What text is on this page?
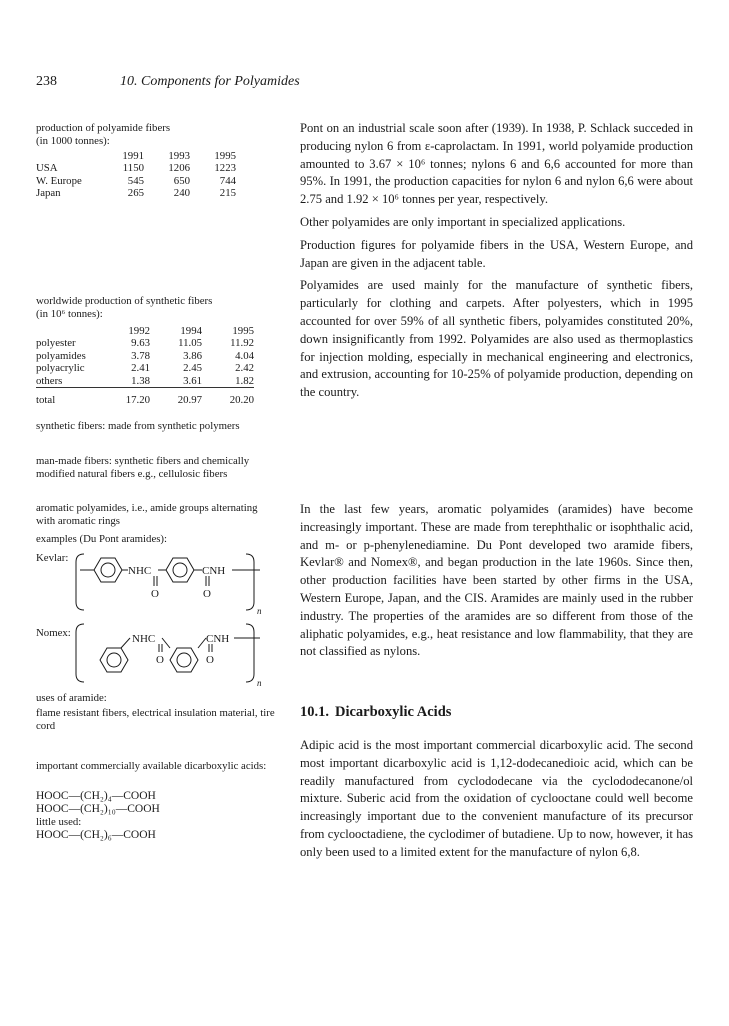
238	10. Components for Polyamides
production of polyamide fibers
(in 1000 tonnes):
	1991	1993	1995
USA	1150	1206	1223
W. Europe	545	650	744
Japan	265	240	215
worldwide production of synthetic fibers
(in 10⁶ tonnes):
	1992	1994	1995
polyester	9.63	11.05	11.92
polyamides	3.78	3.86	4.04
polyacrylic	2.41	2.45	2.42
others	1.38	3.61	1.82

total	17.20	20.97	20.20
synthetic fibers: made from synthetic polymers
man-made fibers: synthetic fibers and chemically modified natural fibers e.g., cellulosic fibers
aromatic polyamides, i.e., amide groups alternating with aromatic rings
examples (Du Pont aramides):
Kevlar:
NHC	CNH
O	O
n
Nomex:	NHC	CNH
O	O
n
uses of aramide:
flame resistant fibers, electrical insulation material, tire cord
important commercially available dicarboxylic acids:
HOOC—(CH₂)₄—COOH
HOOC—(CH₂)₁₀—COOH
little used:
HOOC—(CH₂)₆—COOH

Pont on an industrial scale soon after (1939). In 1938, P. Schlack succeded in producing nylon 6 from ε-caprolactam. In 1991, world polyamide production amounted to 3.67 × 10⁶ tonnes; nylons 6 and 6,6 accounted for more than 95%. In 1991, the production capacities for nylon 6 and nylon 6,6 were about 2.75 and 1.92 × 10⁶ tonnes per year, respectively.

Other polyamides are only important in specialized applications.

Production figures for polyamide fibers in the USA, Western Europe, and Japan are given in the adjacent table.

Polyamides are used mainly for the manufacture of synthetic fibers, particularly for clothing and carpets. After polyesters, which in 1995 accounted for over 59% of all synthetic fibers, polyamides constituted 20%, down insignificantly from 1992. Polyamides are also used as thermoplastics for injection molding, especially in mechanical engineering and electronics, and extrusion, accounting for 10-25% of polyamide production, depending on the country.

In the last few years, aromatic polyamides (aramides) have become increasingly important. These are made from terephthalic or isophthalic acid, and m- or p-phenylenediamine. Du Pont developed two aramide fibers, Kevlar® and Nomex®, and began production in the late 1960s. Since then, other production facilities have been started by other firms in the USA, Western Europe, Japan, and the CIS. Aramides are mainly used in the rubber industry. The properties of the aramides are so different from those of the aliphatic polyamides, e.g., heat resistance and low flammability, that they are not classified as nylons.

10.1. Dicarboxylic Acids

Adipic acid is the most important commercial dicarboxylic acid. The second most important dicarboxylic acid is 1,12-dodecanedioic acid, which can be readily manufactured from cyclododecane via the cyclododecanone/ol mixture. Suberic acid from the oxidation of cyclooctane could well become increasingly important due to the convenient manufacture of its precursor from cyclooctadiene, the cyclodimer of butadiene. Up to now, however, it has only been used to a limited extent for the manufacture of nylon 6,8.
